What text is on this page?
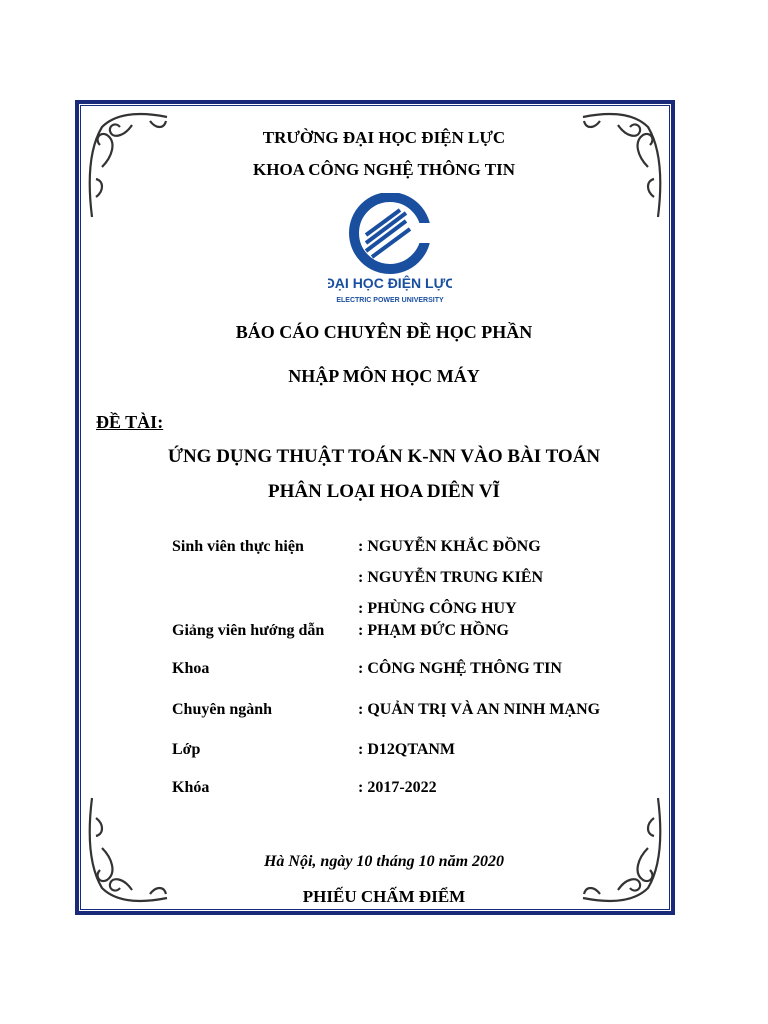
TRƯỜNG ĐẠI HỌC ĐIỆN LỰC
KHOA CÔNG NGHỆ THÔNG TIN
ĐẠI HỌC ĐIỆN LỰC
ELECTRIC POWER UNIVERSITY
BÁO CÁO CHUYÊN ĐỀ HỌC PHẦN
NHẬP MÔN HỌC MÁY
ĐỀ TÀI:
ỨNG DỤNG THUẬT TOÁN K-NN VÀO BÀI TOÁN
PHÂN LOẠI HOA DIÊN VĨ
Sinh viên thực hiện	: NGUYỄN KHẮC ĐỒNG
: NGUYỄN TRUNG KIÊN
: PHÙNG CÔNG HUY
Giảng viên hướng dẫn : PHẠM ĐỨC HỒNG
Khoa	: CÔNG NGHỆ THÔNG TIN
Chuyên ngành	: QUẢN TRỊ VÀ AN NINH MẠNG
Lớp	: D12QTANM
Khóa	: 2017-2022
Hà Nội, ngày 10 tháng 10 năm 2020
PHIẾU CHẤM ĐIỂM
